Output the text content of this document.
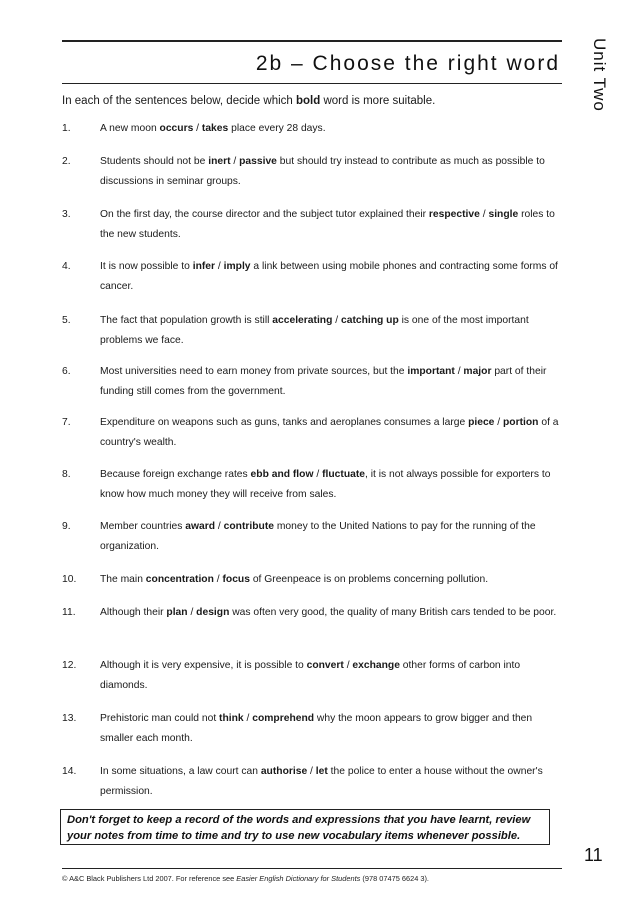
2b – Choose the right word	Unit Two
In each of the sentences below, decide which bold word is more suitable.
1.	A new moon occurs / takes place every 28 days.
2.	Students should not be inert / passive but should try instead to contribute as much as possible to discussions in seminar groups.
3.	On the first day, the course director and the subject tutor explained their respective / single roles to the new students.
4.	It is now possible to infer / imply a link between using mobile phones and contracting some forms of cancer.
5.	The fact that population growth is still accelerating / catching up is one of the most important problems we face.
6.	Most universities need to earn money from private sources, but the important / major part of their funding still comes from the government.
7.	Expenditure on weapons such as guns, tanks and aeroplanes consumes a large piece / portion of a country's wealth.
8.	Because foreign exchange rates ebb and flow / fluctuate, it is not always possible for exporters to know how much money they will receive from sales.
9.	Member countries award / contribute money to the United Nations to pay for the running of the organization.
10.	The main concentration / focus of Greenpeace is on problems concerning pollution.
11.	Although their plan / design was often very good, the quality of many British cars tended to be poor.
12.	Although it is very expensive, it is possible to convert / exchange other forms of carbon into diamonds.
13.	Prehistoric man could not think / comprehend why the moon appears to grow bigger and then smaller each month.
14.	In some situations, a law court can authorise / let the police to enter a house without the owner's permission.
Don't forget to keep a record of the words and expressions that you have learnt, review your notes from time to time and try to use new vocabulary items whenever possible.
11
© A&C Black Publishers Ltd 2007. For reference see Easier English Dictionary for Students (978 07475 6624 3).
